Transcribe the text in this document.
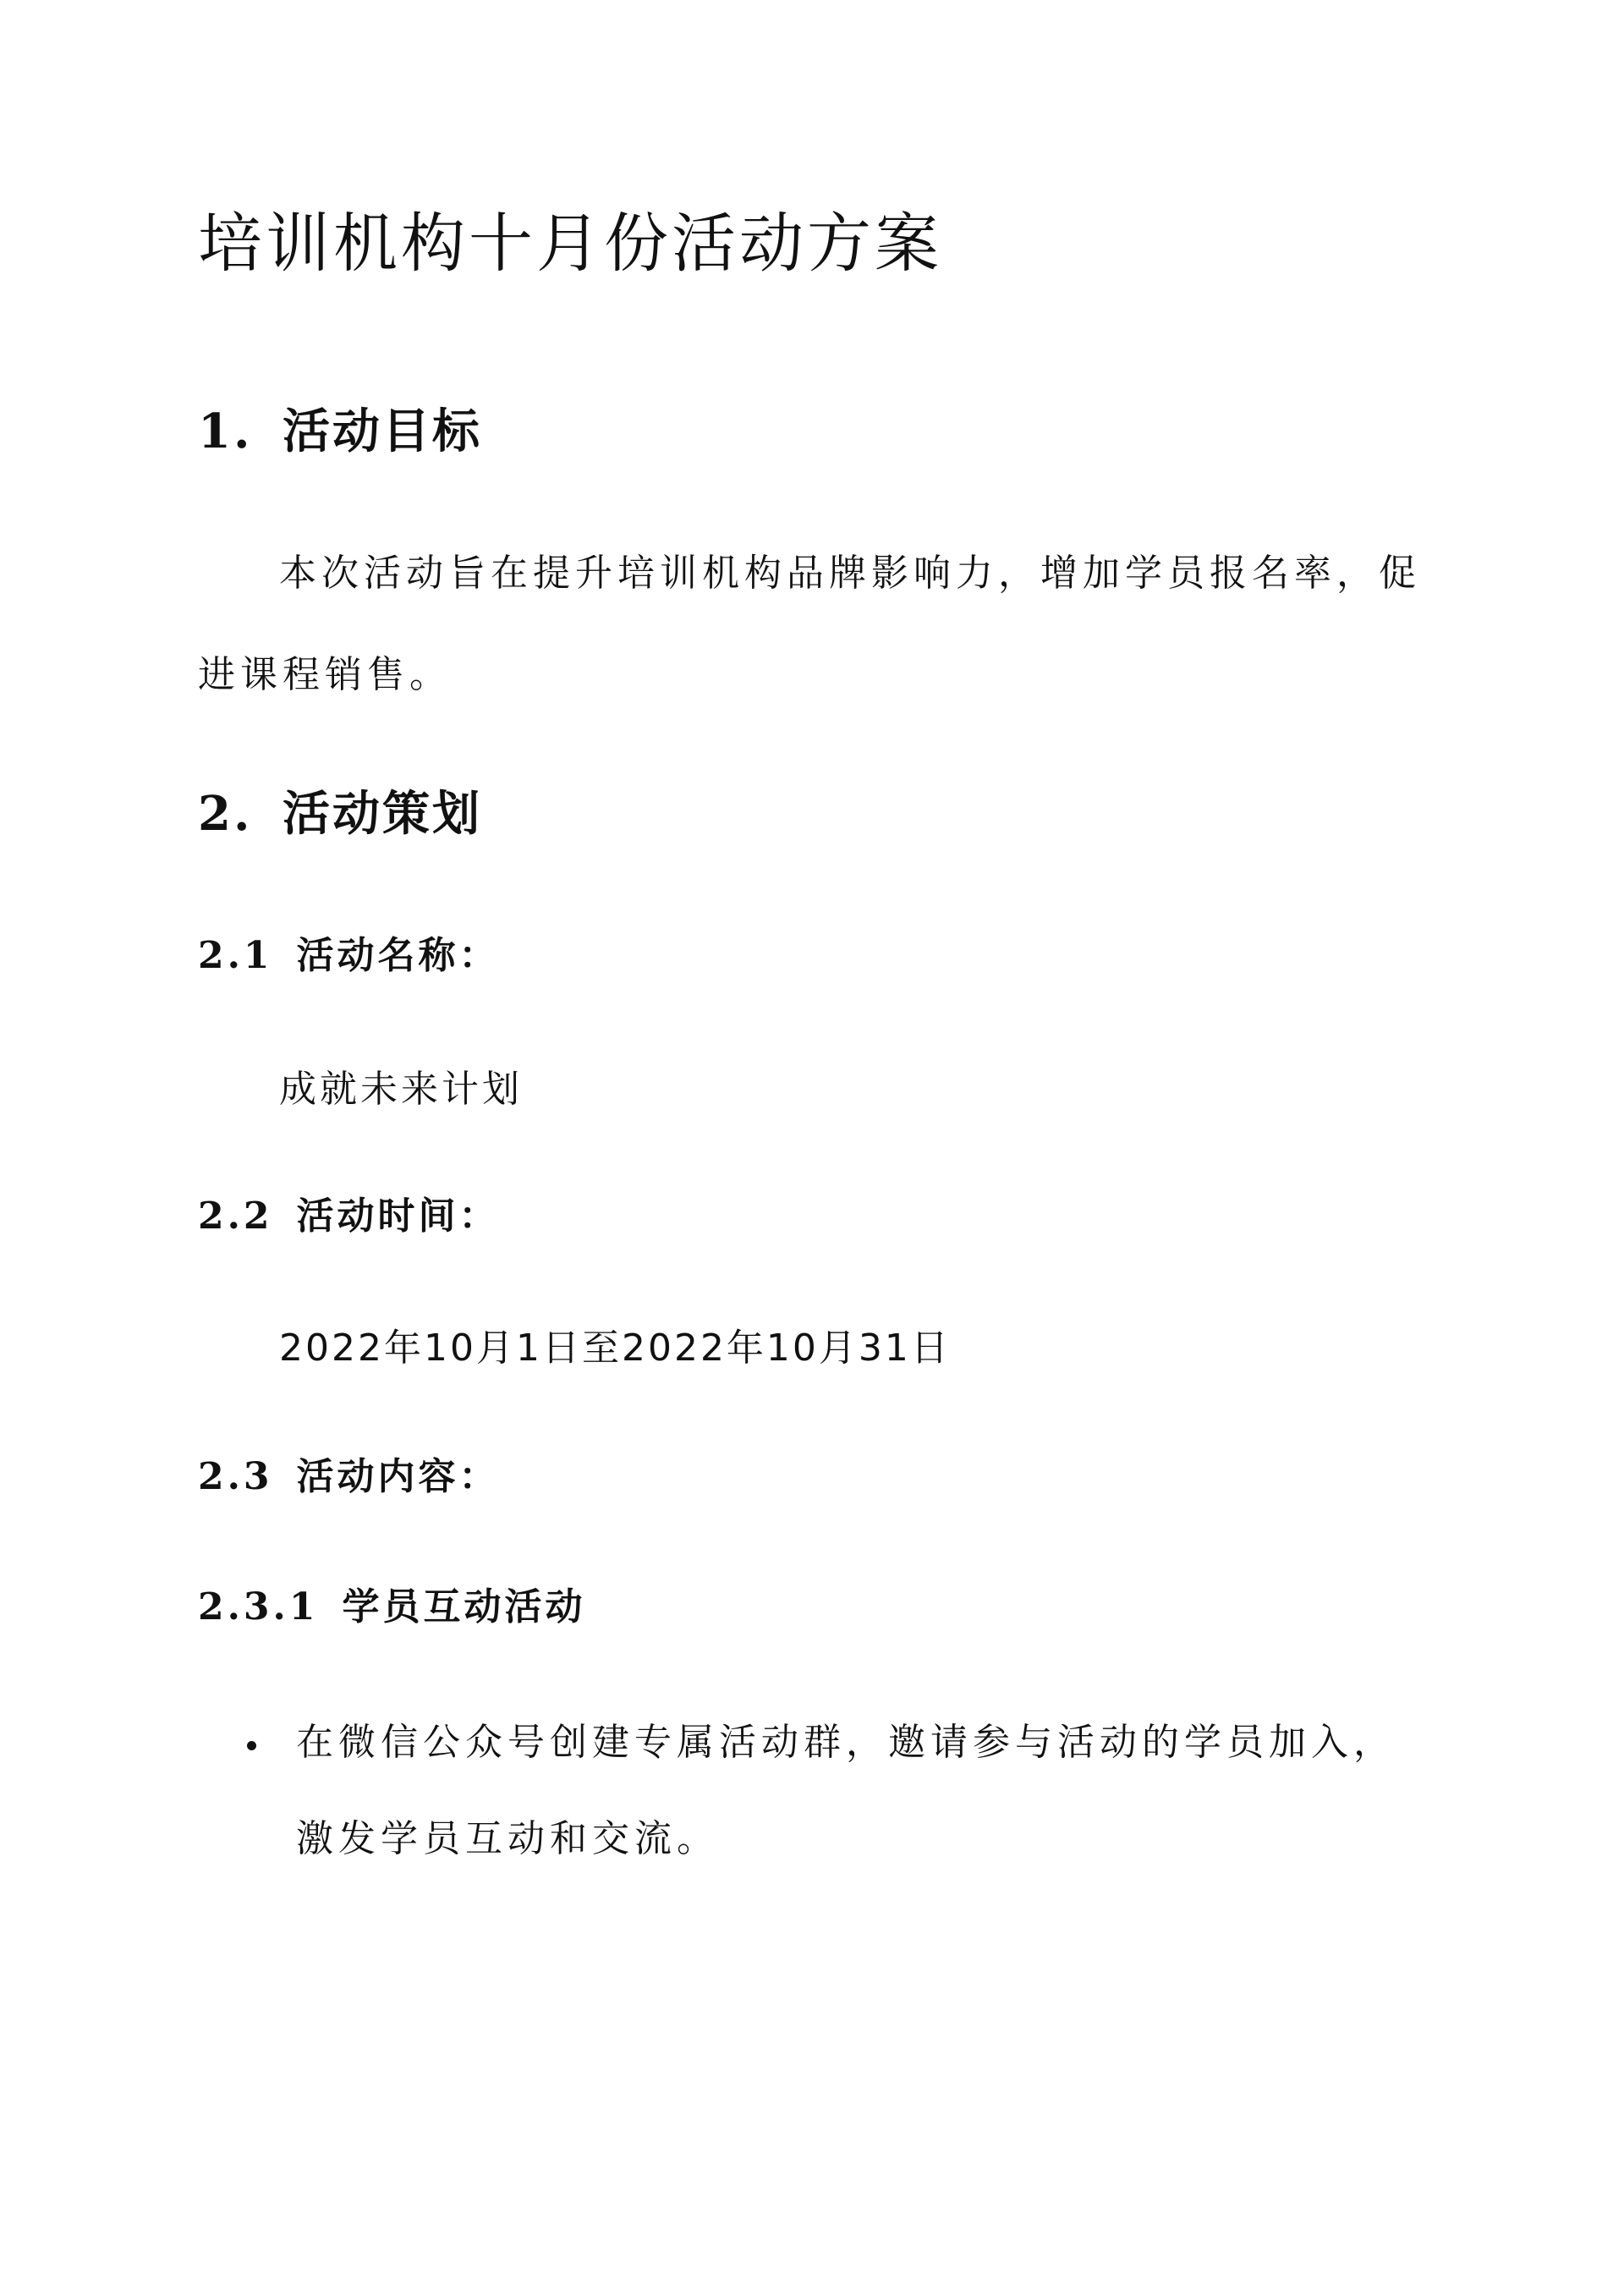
培训机构十月份活动方案
1. 活动目标
本次活动旨在提升培训机构品牌影响力，增加学员报名率，促
进课程销售。
2. 活动策划
2.1 活动名称：
成就未来计划
2.2 活动时间：
2022年10月1日至2022年10月31日
2.3 活动内容：
2.3.1 学员互动活动
在微信公众号创建专属活动群，邀请参与活动的学员加入，
激发学员互动和交流。
